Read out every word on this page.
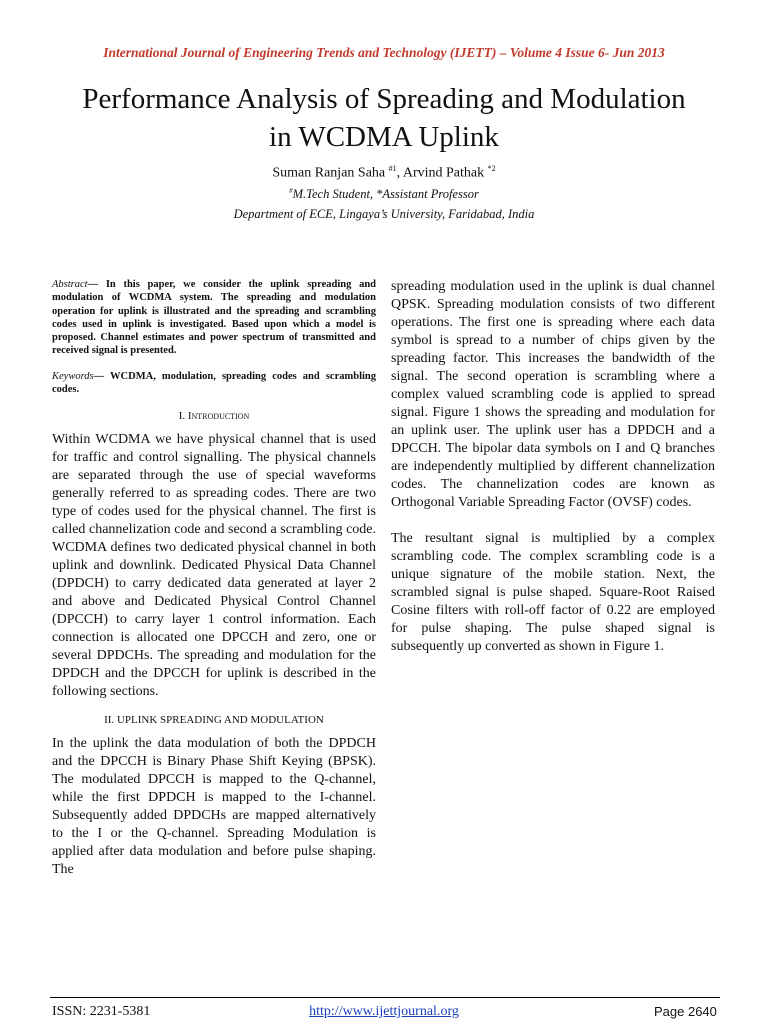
International Journal of Engineering Trends and Technology (IJETT) – Volume 4 Issue 6- Jun 2013
Performance Analysis of Spreading and Modulation
in WCDMA Uplink
Suman Ranjan Saha $^{\#1}$, Arvind Pathak $^{*2}$
#M.Tech Student, *Assistant Professor
Department of ECE, Lingaya’s University, Faridabad, India
Abstract— In this paper, we consider the uplink spreading and modulation of WCDMA system. The spreading and modulation operation for uplink is illustrated and the spreading and scrambling codes used in uplink is investigated. Based upon which a model is proposed. Channel estimates and power spectrum of transmitted and received signal is presented.
Keywords— WCDMA, modulation, spreading codes and scrambling codes.
I. Introduction

Within WCDMA we have physical channel that is used for traffic and control signalling. The physical channels are separated through the use of special waveforms generally referred to as spreading codes. There are two type of codes used for the physical channel. The first is called channelization code and second a scrambling code. WCDMA defines two dedicated physical channel in both uplink and downlink. Dedicated Physical Data Channel (DPDCH) to carry dedicated data generated at layer 2 and above and Dedicated Physical Control Channel (DPCCH) to carry layer 1 control information. Each connection is allocated one DPCCH and zero, one or several DPDCHs. The spreading and modulation for the DPDCH and the DPCCH for uplink is described in the following sections.

II. UPLINK SPREADING AND MODULATION

In the uplink the data modulation of both the DPDCH and the DPCCH is Binary Phase Shift Keying (BPSK). The modulated DPCCH is mapped to the Q-channel, while the first DPDCH is mapped to the I-channel. Subsequently added DPDCHs are mapped alternatively to the I or the Q-channel. Spreading Modulation is applied after data modulation and before pulse shaping. The

spreading modulation used in the uplink is dual channel QPSK. Spreading modulation consists of two different operations. The first one is spreading where each data symbol is spread to a number of chips given by the spreading factor. This increases the bandwidth of the signal. The second operation is scrambling where a complex valued scrambling code is applied to spread signal. Figure 1 shows the spreading and modulation for an uplink user. The uplink user has a DPDCH and a DPCCH. The bipolar data symbols on I and Q branches are independently multiplied by different channelization codes. The channelization codes are known as Orthogonal Variable Spreading Factor (OVSF) codes.

The resultant signal is multiplied by a complex scrambling code. The complex scrambling code is a unique signature of the mobile station. Next, the scrambled signal is pulse shaped. Square-Root Raised Cosine filters with roll-off factor of 0.22 are employed for pulse shaping. The pulse shaped signal is subsequently up converted as shown in Figure 1.

ISSN: 2231-5381	http://www.ijettjournal.org	Page 2640
